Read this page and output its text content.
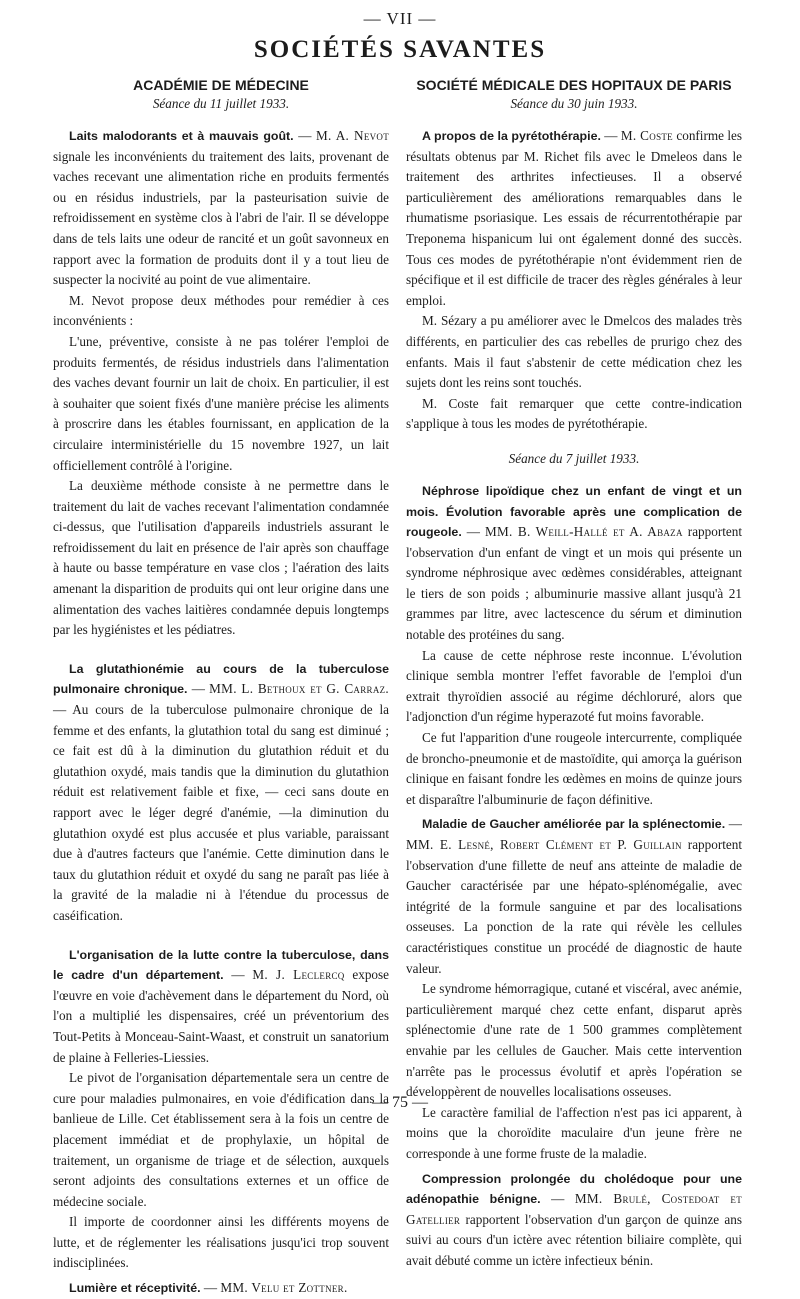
— VII —
SOCIÉTÉS SAVANTES
ACADÉMIE DE MÉDECINE
Séance du 11 juillet 1933.

Laits malodorants et à mauvais goût. — M. A. Nevot signale les inconvénients du traitement des laits, provenant de vaches recevant une alimentation riche en produits fermentés ou en résidus industriels, par la pasteurisation suivie de refroidissement en système clos à l'abri de l'air. Il se développe dans de tels laits une odeur de rancité et un goût savonneux en rapport avec la formation de produits dont il y a tout lieu de suspecter la nocivité au point de vue alimentaire.

M. Nevot propose deux méthodes pour remédier à ces inconvénients :

L'une, préventive, consiste à ne pas tolérer l'emploi de produits fermentés, de résidus industriels dans l'alimentation des vaches devant fournir un lait de choix. En particulier, il est à souhaiter que soient fixés d'une manière précise les aliments à proscrire dans les étables fournissant, en application de la circulaire interministérielle du 15 novembre 1927, un lait officiellement contrôlé à l'origine.

La deuxième méthode consiste à ne permettre dans le traitement du lait de vaches recevant l'alimentation condamnée ci-dessus, que l'utilisation d'appareils industriels assurant le refroidissement du lait en présence de l'air après son chauffage à haute ou basse température en vase clos ; l'aération des laits amenant la disparition de produits qui ont leur origine dans une alimentation des vaches laitières condamnée depuis longtemps par les hygiénistes et les pédiatres.

La glutathionémie au cours de la tuberculose pulmonaire chronique. — MM. L. Bethoux et G. Carraz. — Au cours de la tuberculose pulmonaire chronique de la femme et des enfants, la glutathion total du sang est diminué ; ce fait est dû à la diminution du glutathion réduit et du glutathion oxydé, mais tandis que la diminution du glutathion réduit est relativement faible et fixe, — ceci sans doute en rapport avec le léger degré d'anémie, —la diminution du glutathion oxydé est plus accusée et plus variable, paraissant due à d'autres facteurs que l'anémie. Cette diminution dans le taux du glutathion réduit et oxydé du sang ne paraît pas liée à la gravité de la maladie ni à l'étendue du processus de caséification.

L'organisation de la lutte contre la tuberculose, dans le cadre d'un département. — M. J. Leclercq expose l'œuvre en voie d'achèvement dans le département du Nord, où l'on a multiplié les dispensaires, créé un préventorium des Tout-Petits à Monceau-Saint-Waast, et construit un sanatorium de plaine à Felleries-Liessies.

Le pivot de l'organisation départementale sera un centre de cure pour maladies pulmonaires, en voie d'édification dans la banlieue de Lille. Cet établissement sera à la fois un centre de placement immédiat et de prophylaxie, un hôpital de traitement, un organisme de triage et de sélection, auxquels seront adjoints des consultations externes et un office de médecine sociale.

Il importe de coordonner ainsi les différents moyens de lutte, et de réglementer les réalisations jusqu'ici trop souvent indisciplinées.

Lumière et réceptivité. — MM. Velu et Zottner.

SOCIÉTÉ MÉDICALE DES HOPITAUX DE PARIS
Séance du 30 juin 1933.

A propos de la pyrétothérapie. — M. Coste confirme les résultats obtenus par M. Richet fils avec le Dmeleos dans le traitement des arthrites infectieuses. Il a observé particulièrement des améliorations remarquables dans le rhumatisme psoriasique. Les essais de récurrentothérapie par Treponema hispanicum lui ont également donné des succès. Tous ces modes de pyrétothérapie n'ont évidemment rien de spécifique et il est difficile de tracer des règles générales à leur emploi.

M. Sézary a pu améliorer avec le Dmelcos des malades très différents, en particulier des cas rebelles de prurigo chez des enfants. Mais il faut s'abstenir de cette médication chez les sujets dont les reins sont touchés.

M. Coste fait remarquer que cette contre-indication s'applique à tous les modes de pyrétothérapie.

Séance du 7 juillet 1933.

Néphrose lipoïdique chez un enfant de vingt et un mois. Évolution favorable après une complication de rougeole. — MM. B. Weill-Hallé et A. Abaza rapportent l'observation d'un enfant de vingt et un mois qui présente un syndrome néphrosique avec œdèmes considérables, atteignant le tiers de son poids ; albuminurie massive allant jusqu'à 21 grammes par litre, avec lactescence du sérum et diminution notable des protéines du sang.

La cause de cette néphrose reste inconnue. L'évolution clinique sembla montrer l'effet favorable de l'emploi d'un extrait thyroïdien associé au régime déchloruré, alors que l'adjonction d'un régime hyperazoté fut moins favorable.

Ce fut l'apparition d'une rougeole intercurrente, compliquée de broncho-pneumonie et de mastoïdite, qui amorça la guérison clinique en faisant fondre les œdèmes en moins de quinze jours et disparaître l'albuminurie de façon définitive.

Maladie de Gaucher améliorée par la splénectomie. — MM. E. Lesné, Robert Clément et P. Guillain rapportent l'observation d'une fillette de neuf ans atteinte de maladie de Gaucher caractérisée par une hépato-splénomégalie, avec intégrité de la formule sanguine et par des localisations osseuses. La ponction de la rate qui révèle les cellules caractéristiques constitue un procédé de diagnostic de haute valeur.

Le syndrome hémorragique, cutané et viscéral, avec anémie, particulièrement marqué chez cette enfant, disparut après splénectomie d'une rate de 1 500 grammes complètement envahie par les cellules de Gaucher. Mais cette intervention n'arrête pas le processus évolutif et après l'opération se développèrent de nouvelles localisations osseuses.

Le caractère familial de l'affection n'est pas ici apparent, à moins que la choroïdite maculaire d'un jeune frère ne corresponde à une forme fruste de la maladie.

Compression prolongée du cholédoque pour une adénopathie bénigne. — MM. Brulé, Costedoat et Gatellier rapportent l'observation d'un garçon de quinze ans suivi au cours d'un ictère avec rétention biliaire complète, qui avait débuté comme un ictère infectieux bénin.

— 75 —
